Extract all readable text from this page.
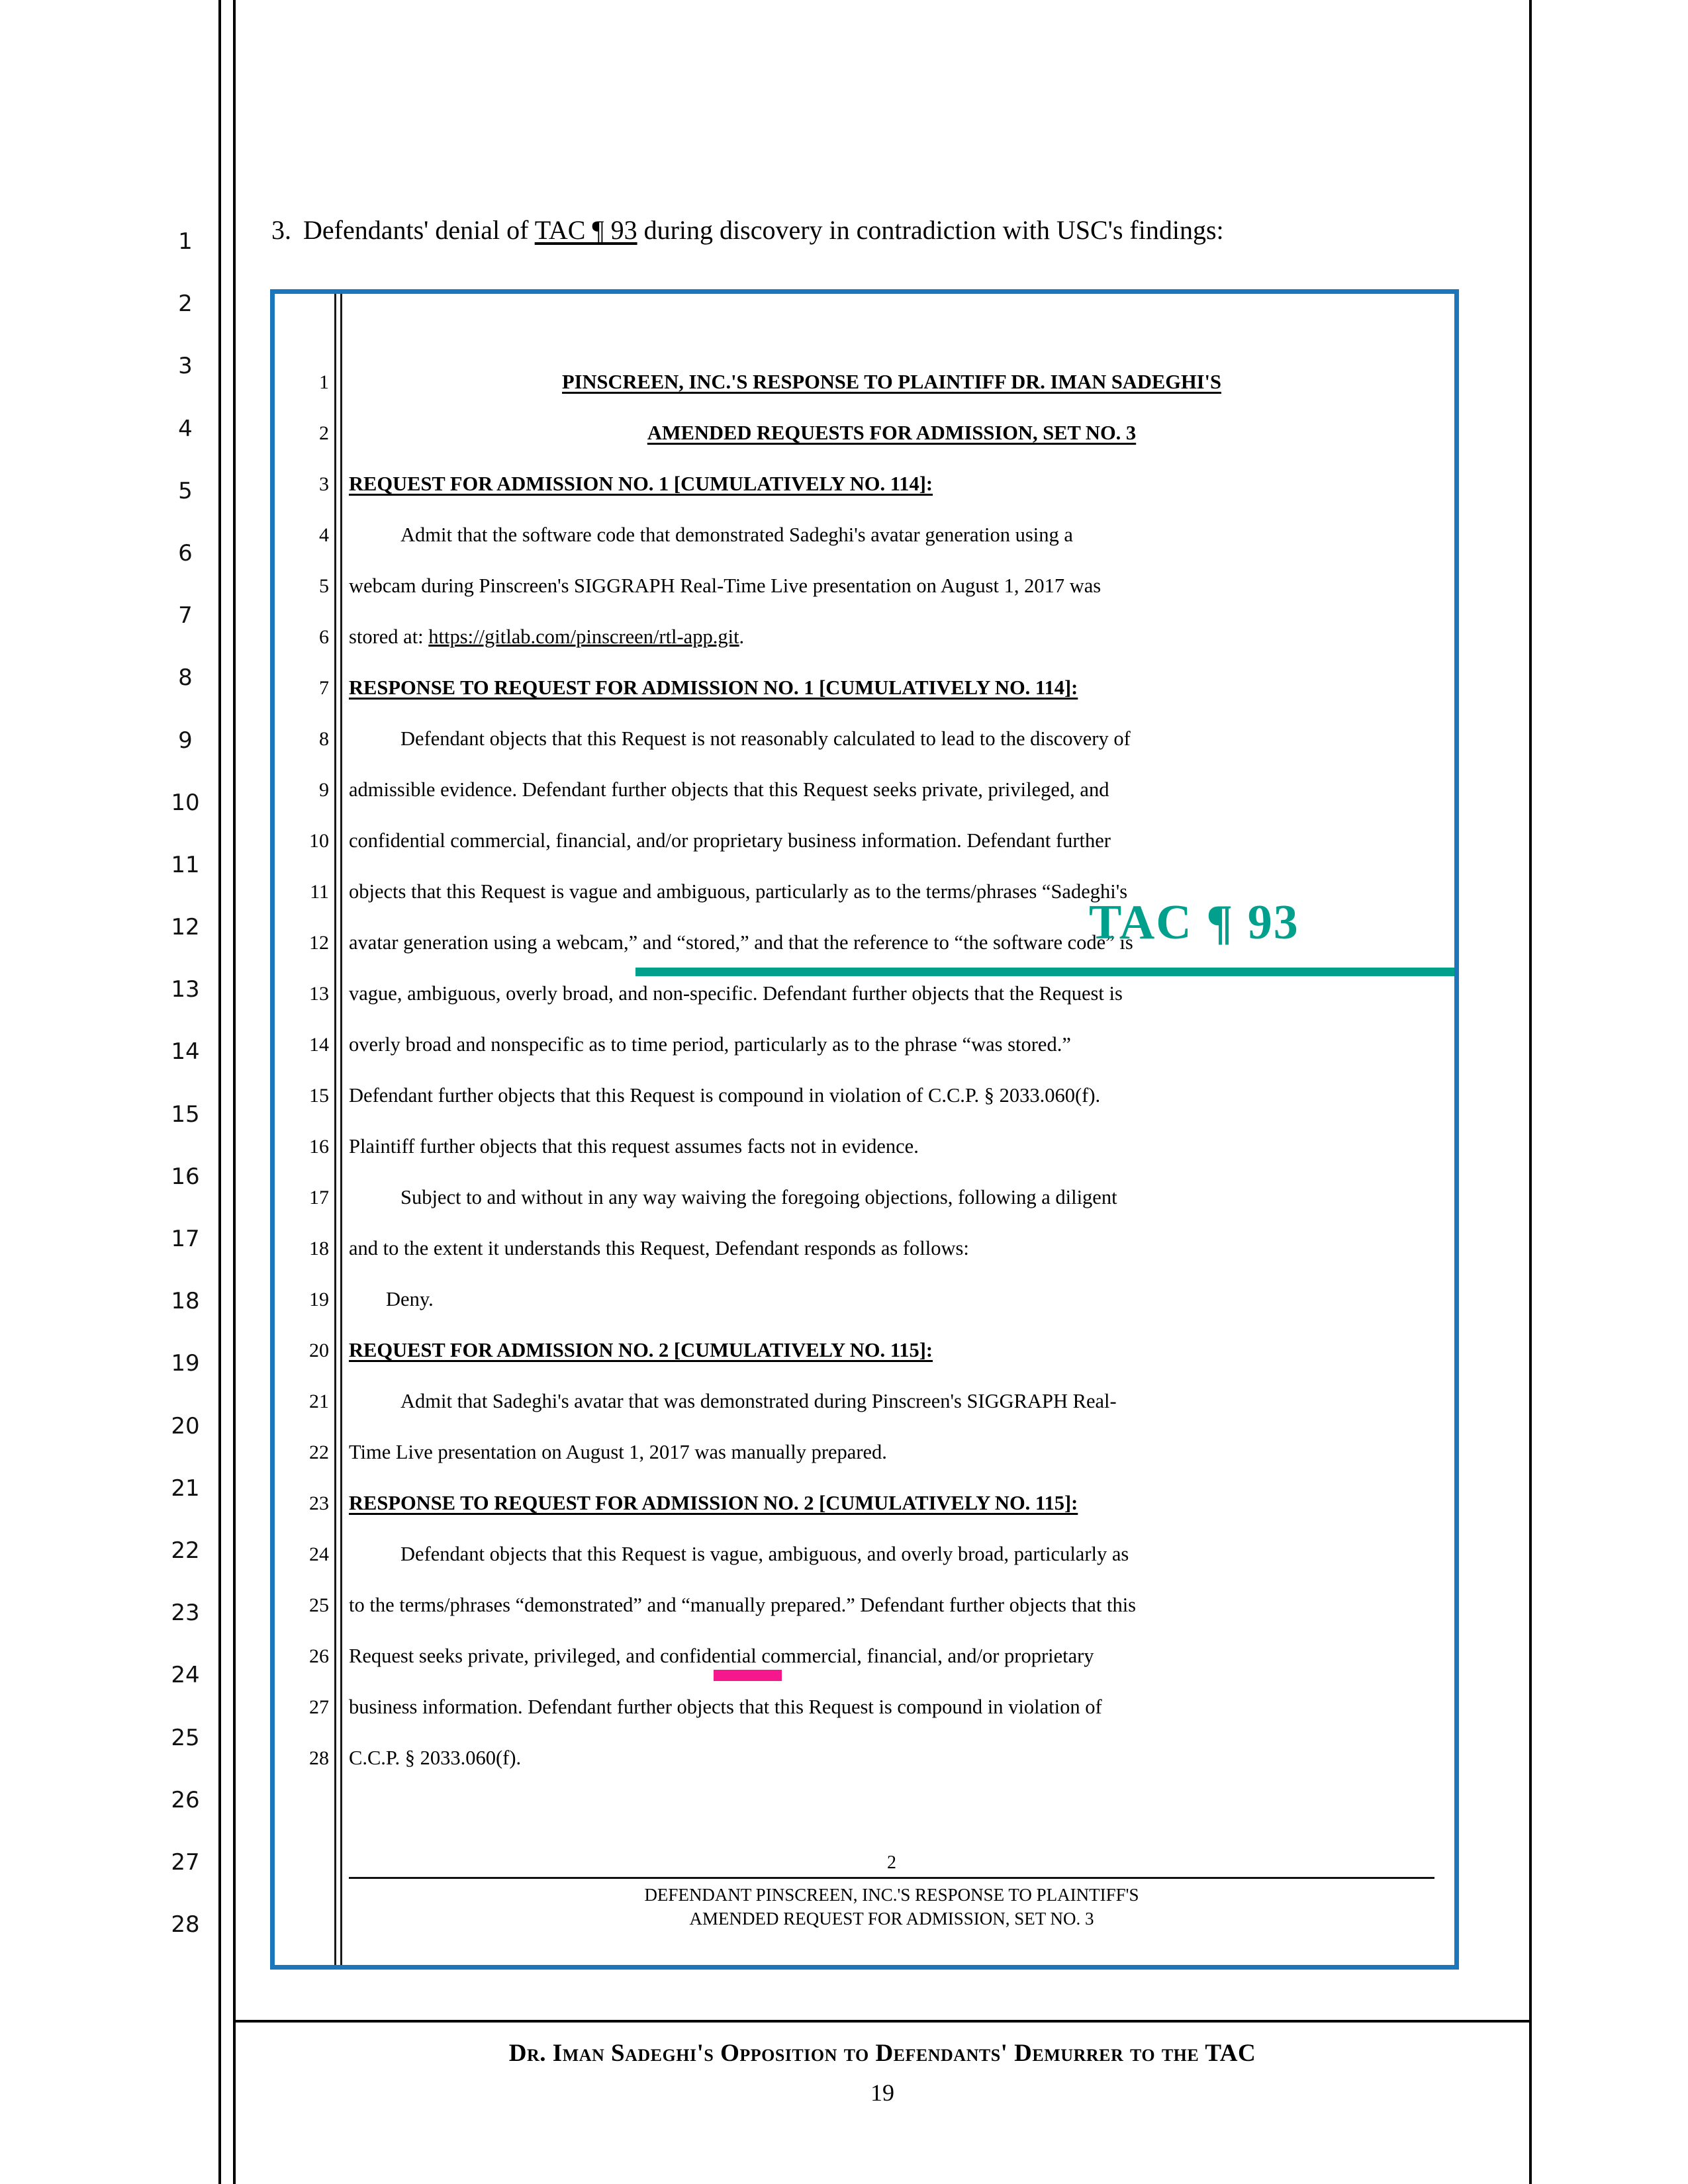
1
2
3
4
5
6
7
8
9
10
11
12
13
14
15
16
17
18
19
20
21
22
23
24
25
26
27
28
3. Defendants' denial of TAC ¶ 93 during discovery in contradiction with USC's findings:
1
2
3
4
5
6
7
8
9
10
11
12
13
14
15
16
17
18
19
20
21
22
23
24
25
26
27
28
PINSCREEN, INC.'S RESPONSE TO PLAINTIFF DR. IMAN SADEGHI'S
AMENDED REQUESTS FOR ADMISSION, SET NO. 3
REQUEST FOR ADMISSION NO. 1 [CUMULATIVELY NO. 114]:
Admit that the software code that demonstrated Sadeghi's avatar generation using a
webcam during Pinscreen's SIGGRAPH Real-Time Live presentation on August 1, 2017 was
stored at: https://gitlab.com/pinscreen/rtl-app.git.
RESPONSE TO REQUEST FOR ADMISSION NO. 1 [CUMULATIVELY NO. 114]:
Defendant objects that this Request is not reasonably calculated to lead to the discovery of
admissible evidence. Defendant further objects that this Request seeks private, privileged, and
confidential commercial, financial, and/or proprietary business information. Defendant further
objects that this Request is vague and ambiguous, particularly as to the terms/phrases “Sadeghi's
avatar generation using a webcam,” and “stored,” and that the reference to “the software code” is
vague, ambiguous, overly broad, and non-specific. Defendant further objects that the Request is
overly broad and nonspecific as to time period, particularly as to the phrase “was stored.”
Defendant further objects that this Request is compound in violation of C.C.P. § 2033.060(f).
Plaintiff further objects that this request assumes facts not in evidence.
Subject to and without in any way waiving the foregoing objections, following a diligent
and to the extent it understands this Request, Defendant responds as follows:
Deny.
REQUEST FOR ADMISSION NO. 2 [CUMULATIVELY NO. 115]:
Admit that Sadeghi's avatar that was demonstrated during Pinscreen's SIGGRAPH Real-
Time Live presentation on August 1, 2017 was manually prepared.
RESPONSE TO REQUEST FOR ADMISSION NO. 2 [CUMULATIVELY NO. 115]:
Defendant objects that this Request is vague, ambiguous, and overly broad, particularly as
to the terms/phrases “demonstrated” and “manually prepared.” Defendant further objects that this
Request seeks private, privileged, and confidential commercial, financial, and/or proprietary
business information. Defendant further objects that this Request is compound in violation of
C.C.P. § 2033.060(f).
TAC ¶ 93
2
DEFENDANT PINSCREEN, INC.'S RESPONSE TO PLAINTIFF'S
AMENDED REQUEST FOR ADMISSION, SET NO. 3
Dr. Iman Sadeghi's Opposition to Defendants' Demurrer to the TAC
19
